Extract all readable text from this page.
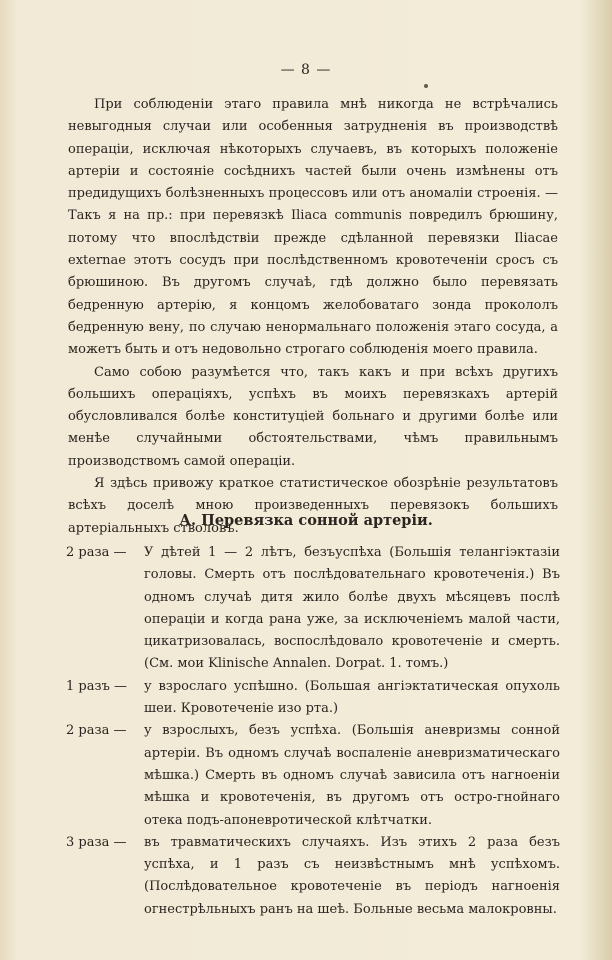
— 8 —

При соблюденіи этаго правила мнѣ никогда не встрѣчались невыгодныя случаи или особенныя затрудненія въ производствѣ операціи, исключая нѣкоторыхъ случаевъ, въ которыхъ положеніе артеріи и состояніе сосѣднихъ частей были очень измѣнены отъ предидущихъ болѣзненныхъ процессовъ или отъ аномаліи строенія. — Такъ я на пр.: при перевязкѣ Iliaca communis повредилъ брюшину, потому что впослѣдствіи прежде сдѣланной перевязки Iliacae externae этотъ сосудъ при послѣдственномъ кровотеченіи сросъ съ брюшиною. Въ другомъ случаѣ, гдѣ должно было перевязать бедренную артерію, я концомъ желобоватаго зонда прокололъ бедренную вену, по случаю ненормальнаго положенія этаго сосуда, а можетъ быть и отъ недовольно строгаго соблюденія моего правила.

Само собою разумѣется что, такъ какъ и при всѣхъ другихъ большихъ операціяхъ, успѣхъ въ моихъ перевязкахъ артерій обусловливался болѣе конституціей больнаго и другими болѣе или менѣе случайными обстоятельствами, чѣмъ правильнымъ производствомъ самой операціи.

Я здѣсь привожу краткое статистическое обозрѣніе результатовъ всѣхъ доселѣ мною произведенныхъ перевязокъ большихъ артеріальныхъ стволовъ.

А. Перевязка сонной артеріи.
2 раза —	У дѣтей 1 — 2 лѣтъ, безъуспѣха (Большія телангіэктазіи головы. Смерть отъ послѣдовательнаго кровотеченія.) Въ одномъ случаѣ дитя жило болѣе двухъ мѣсяцевъ послѣ операціи и когда рана уже, за исключеніемъ малой части, цикатризовалась, воспослѣдовало кровотеченіе и смерть. (См. мои Klinische Annalen. Dorpat. 1. томъ.)
1 разъ —	у взрослаго успѣшно. (Большая ангіэктатическая опухоль шеи. Кровотеченіе изо рта.)
2 раза —	у взрослыхъ, безъ успѣха. (Большія аневризмы сонной артеріи. Въ одномъ случаѣ воспаленіе аневризматическаго мѣшка.) Смерть въ одномъ случаѣ зависила отъ нагноеніи мѣшка и кровотеченія, въ другомъ отъ остро-гнойнаго отека подъ-апоневротической клѣтчатки.
3 раза —	въ травматическихъ случаяхъ. Изъ этихъ 2 раза безъ успѣха, и 1 разъ съ неизвѣстнымъ мнѣ успѣхомъ. (Послѣдовательное кровотеченіе въ періодъ нагноенія огнестрѣльныхъ ранъ на шеѣ. Больные весьма малокровны.
